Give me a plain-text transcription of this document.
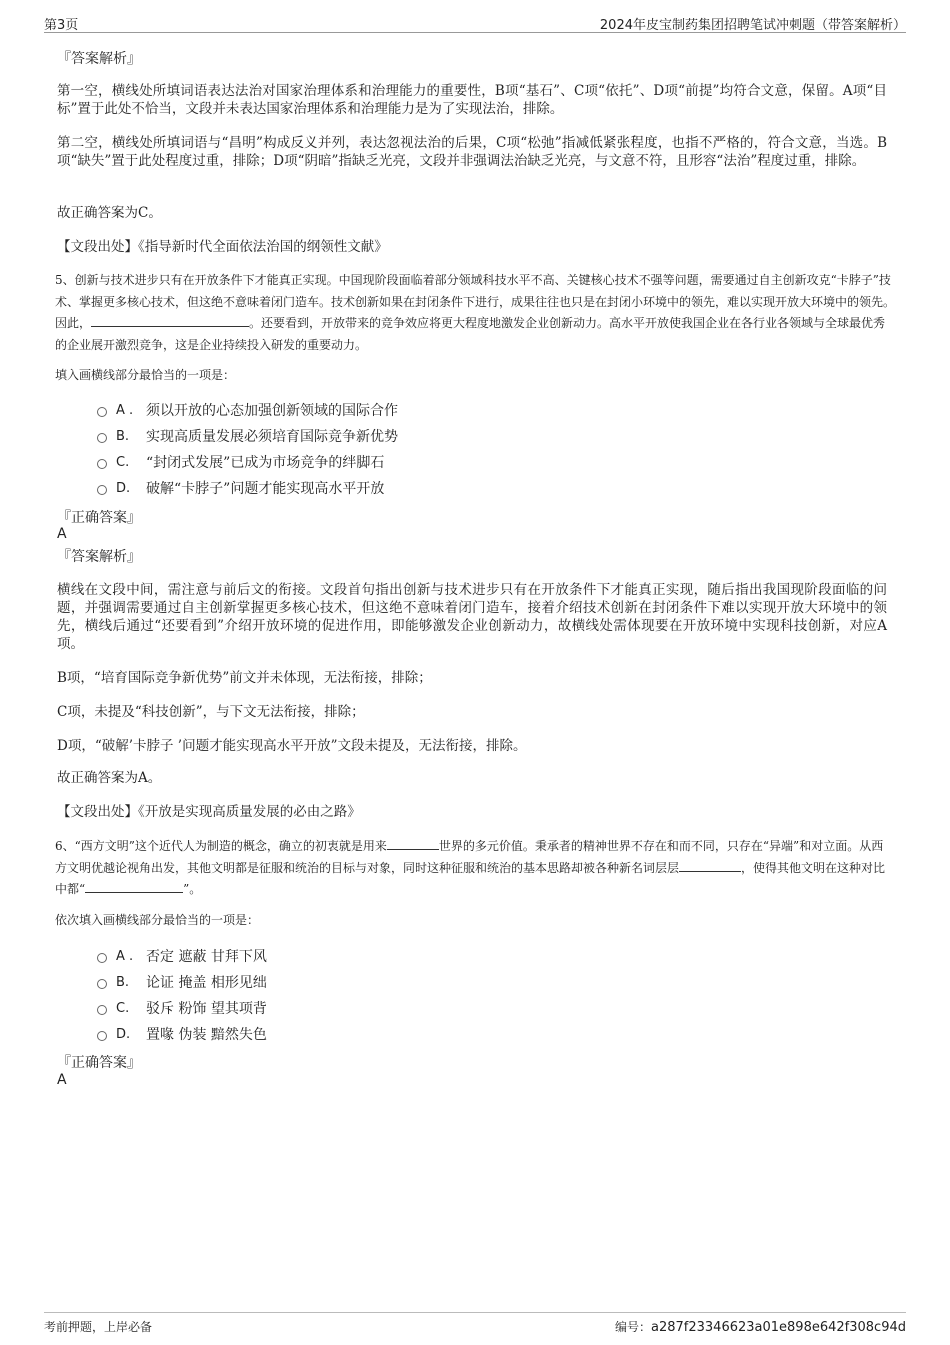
第3页	2024年皮宝制药集团招聘笔试冲刺题（带答案解析）
『答案解析』
第一空，横线处所填词语表达法治对国家治理体系和治理能力的重要性，B项“基石”、C项“依托”、D项“前提”均符合文意，保留。A项“目标”置于此处不恰当，文段并未表达国家治理体系和治理能力是为了实现法治，排除。
第二空，横线处所填词语与“昌明”构成反义并列，表达忽视法治的后果，C项“松弛”指减低紧张程度，也指不严格的，符合文意，当选。B项“缺失”置于此处程度过重，排除；D项“阴暗”指缺乏光亮，文段并非强调法治缺乏光亮，与文意不符，且形容“法治”程度过重，排除。
故正确答案为C。
【文段出处】《指导新时代全面依法治国的纲领性文献》
5、创新与技术进步只有在开放条件下才能真正实现。中国现阶段面临着部分领域科技水平不高、关键核心技术不强等问题，需要通过自主创新攻克“卡脖子”技术、掌握更多核心技术，但这绝不意味着闭门造车。技术创新如果在封闭条件下进行，成果往往也只是在封闭小环境中的领先，难以实现开放大环境中的领先。因此，	。还要看到，开放带来的竞争效应将更大程度地激发企业创新动力。高水平开放使我国企业在各行业各领域与全球最优秀的企业展开激烈竞争，这是企业持续投入研发的重要动力。
填入画横线部分最恰当的一项是：
A . 须以开放的心态加强创新领域的国际合作
B.	实现高质量发展必须培育国际竞争新优势
C.	“封闭式发展”已成为市场竞争的绊脚石
D.	破解“卡脖子”问题才能实现高水平开放
『正确答案』
A
『答案解析』
横线在文段中间，需注意与前后文的衔接。文段首句指出创新与技术进步只有在开放条件下才能真正实现，随后指出我国现阶段面临的问题，并强调需要通过自主创新掌握更多核心技术，但这绝不意味着闭门造车，接着介绍技术创新在封闭条件下难以实现开放大环境中的领先，横线后通过“还要看到”介绍开放环境的促进作用，即能够激发企业创新动力，故横线处需体现要在开放环境中实现科技创新，对应A项。
B项，“培育国际竞争新优势”前文并未体现，无法衔接，排除；
C项，未提及“科技创新”，与下文无法衔接，排除；
D项，“破解’卡脖子 ’问题才能实现高水平开放”文段未提及，无法衔接，排除。
故正确答案为A。
【文段出处】《开放是实现高质量发展的必由之路》
6、“西方文明”这个近代人为制造的概念，确立的初衷就是用来	世界的多元价值。秉承者的精神世界不存在和而不同，只存在“异端”和对立面。从西方文明优越论视角出发，其他文明都是征服和统治的目标与对象，同时这种征服和统治的基本思路却被各种新名词层层	，使得其他文明在这种对比中都“	”。
依次填入画横线部分最恰当的一项是：
A . 否定 遮蔽 甘拜下风
B.	论证 掩盖 相形见绌
C.	驳斥 粉饰 望其项背
D.	置喙 伪装 黯然失色
『正确答案』
A
考前押题，上岸必备	编号：a287f23346623a01e898e642f308c94d
